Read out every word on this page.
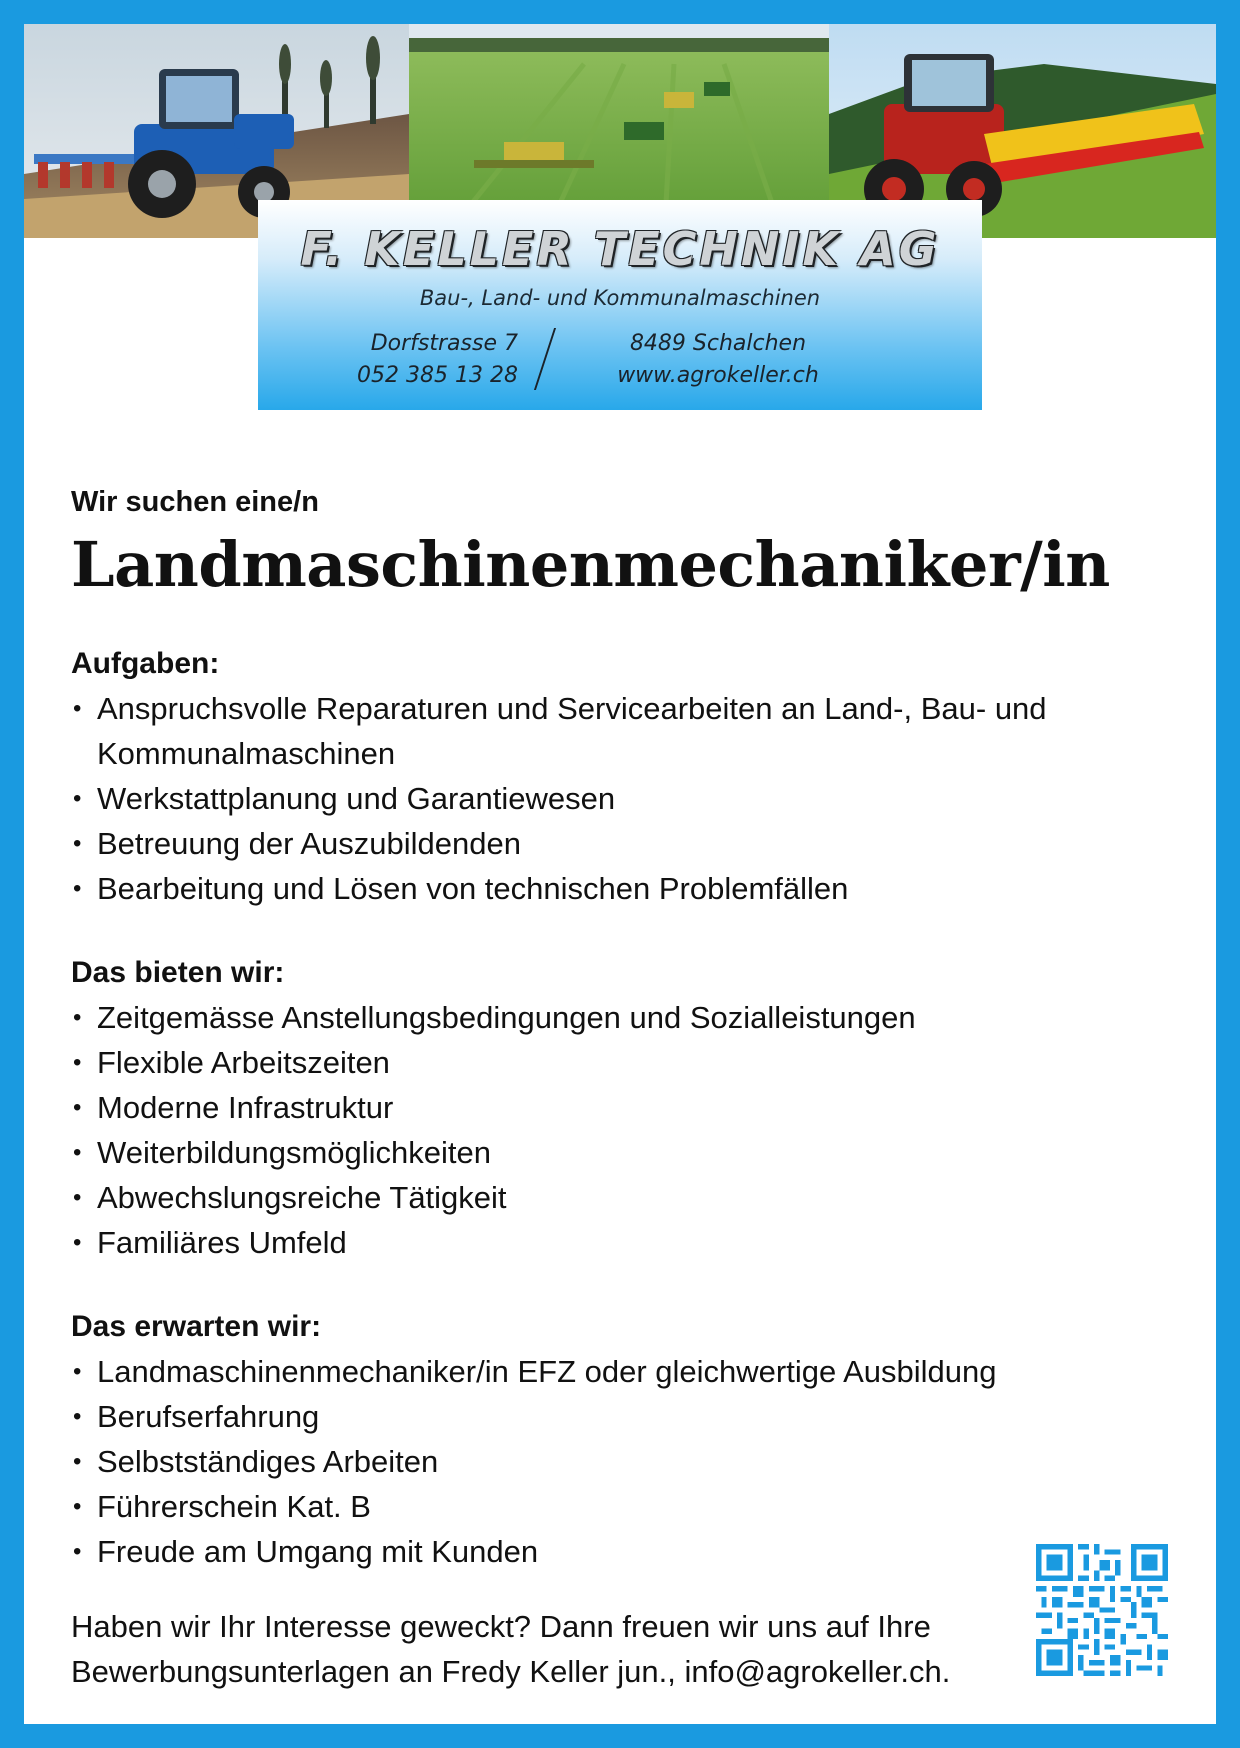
F. KELLER TECHNIK AG
Bau-, Land- und Kommunalmaschinen
Dorfstrasse 7
052 385 13 28
8489 Schalchen
www.agrokeller.ch

Wir suchen eine/n

Landmaschinenmechaniker/in

Aufgaben:

• Anspruchsvolle Reparaturen und Servicearbeiten an Land-, Bau- und Kommunalmaschinen
• Werkstattplanung und Garantiewesen
• Betreuung der Auszubildenden
• Bearbeitung und Lösen von technischen Problemfällen

Das bieten wir:

• Zeitgemässe Anstellungsbedingungen und Sozialleistungen
• Flexible Arbeitszeiten
• Moderne Infrastruktur
• Weiterbildungsmöglichkeiten
• Abwechslungsreiche Tätigkeit
• Familiäres Umfeld

Das erwarten wir:

• Landmaschinenmechaniker/in EFZ oder gleichwertige Ausbildung
• Berufserfahrung
• Selbstständiges Arbeiten
• Führerschein Kat. B
• Freude am Umgang mit Kunden
Haben wir Ihr Interesse geweckt? Dann freuen wir uns auf Ihre
Bewerbungsunterlagen an Fredy Keller jun., info@agrokeller.ch.
